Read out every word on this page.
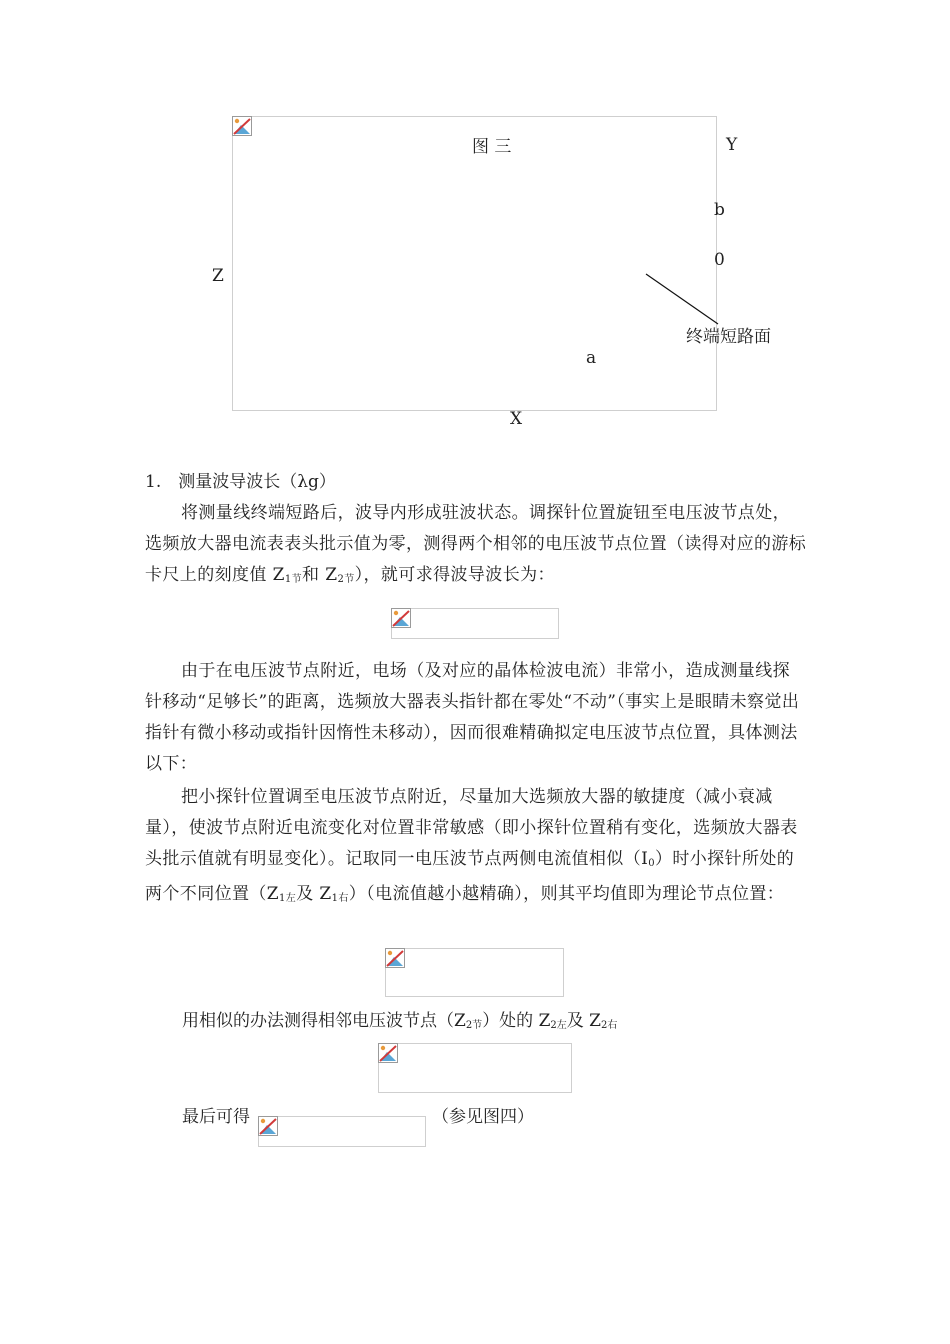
图 三	Y
b
0
Z
a
X
终端短路面
1.　测量波导波长（λg）
将测量线终端短路后，波导内形成驻波状态。调探针位置旋钮至电压波节点处，选频放大器电流表表头批示值为零，测得两个相邻的电压波节点位置（读得对应的游标卡尺上的刻度值 $Z_{1节}$和 $Z_{2节}$），就可求得波导波长为：
由于在电压波节点附近，电场（及对应的晶体检波电流）非常小，造成测量线探针移动“足够长”的距离，选频放大器表头指针都在零处“不动”（事实上是眼睛未察觉出指针有微小移动或指针因惰性未移动），因而很难精确拟定电压波节点位置，具体测法以下：
把小探针位置调至电压波节点附近，尽量加大选频放大器的敏捷度（减小衰减量），使波节点附近电流变化对位置非常敏感（即小探针位置稍有变化，选频放大器表头批示值就有明显变化）。记取同一电压波节点两侧电流值相似$(I_0)$时小探针所处的两个不同位置（$Z_{1左}$及 $Z_{1右}$）（电流值越小越精确），则其平均值即为理论节点位置：
用相似的办法测得相邻电压波节点$(Z_{2节})$处的 $Z_{2左}$及 $Z_{2右}$
最后可得	（参见图四）
